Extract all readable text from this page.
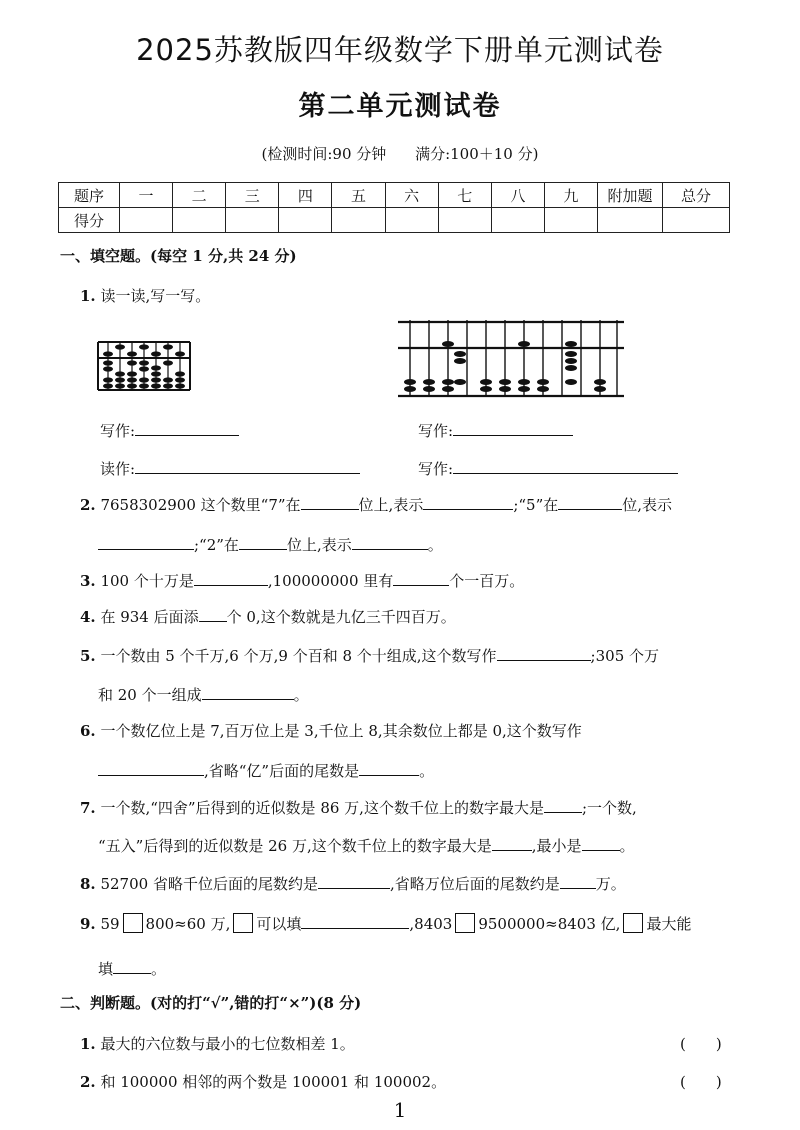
2025苏教版四年级数学下册单元测试卷
第二单元测试卷
(检测时间:90 分钟 满分:100＋10 分)
题序	一	二	三	四	五	六	七	八	九	附加题	总分
得分											
一、填空题。(每空 1 分,共 24 分)
1. 读一读,写一写。
写作:	写作:
读作:	写作:
2. 7658302900 这个数里“7”在	位上,表示	;“5”在	位,表示
;“2”在	位上,表示	。
3. 100 个十万是	,100000000 里有	个一百万。
4. 在 934 后面添 个 0,这个数就是九亿三千四百万。
5. 一个数由 5 个千万,6 个万,9 个百和 8 个十组成,这个数写作	;305 个万
和 20 个一组成	。
6. 一个数亿位上是 7,百万位上是 3,千位上 8,其余数位上都是 0,这个数写作
,省略“亿”后面的尾数是	。
7. 一个数,“四舍”后得到的近似数是 86 万,这个数千位上的数字最大是	;一个数,
“五入”后得到的近似数是 26 万,这个数千位上的数字最大是	,最小是	。
8. 52700 省略千位后面的尾数约是	,省略万位后面的尾数约是 万。
9. 59 800≈60 万, 可以填	,8403 9500000≈8403 亿, 最大能
填	。
二、判断题。(对的打“√”,错的打“×”)(8 分)
1. 最大的六位数与最小的七位数相差 1。	(　　)
2. 和 100000 相邻的两个数是 100001 和 100002。	(　　)
1
